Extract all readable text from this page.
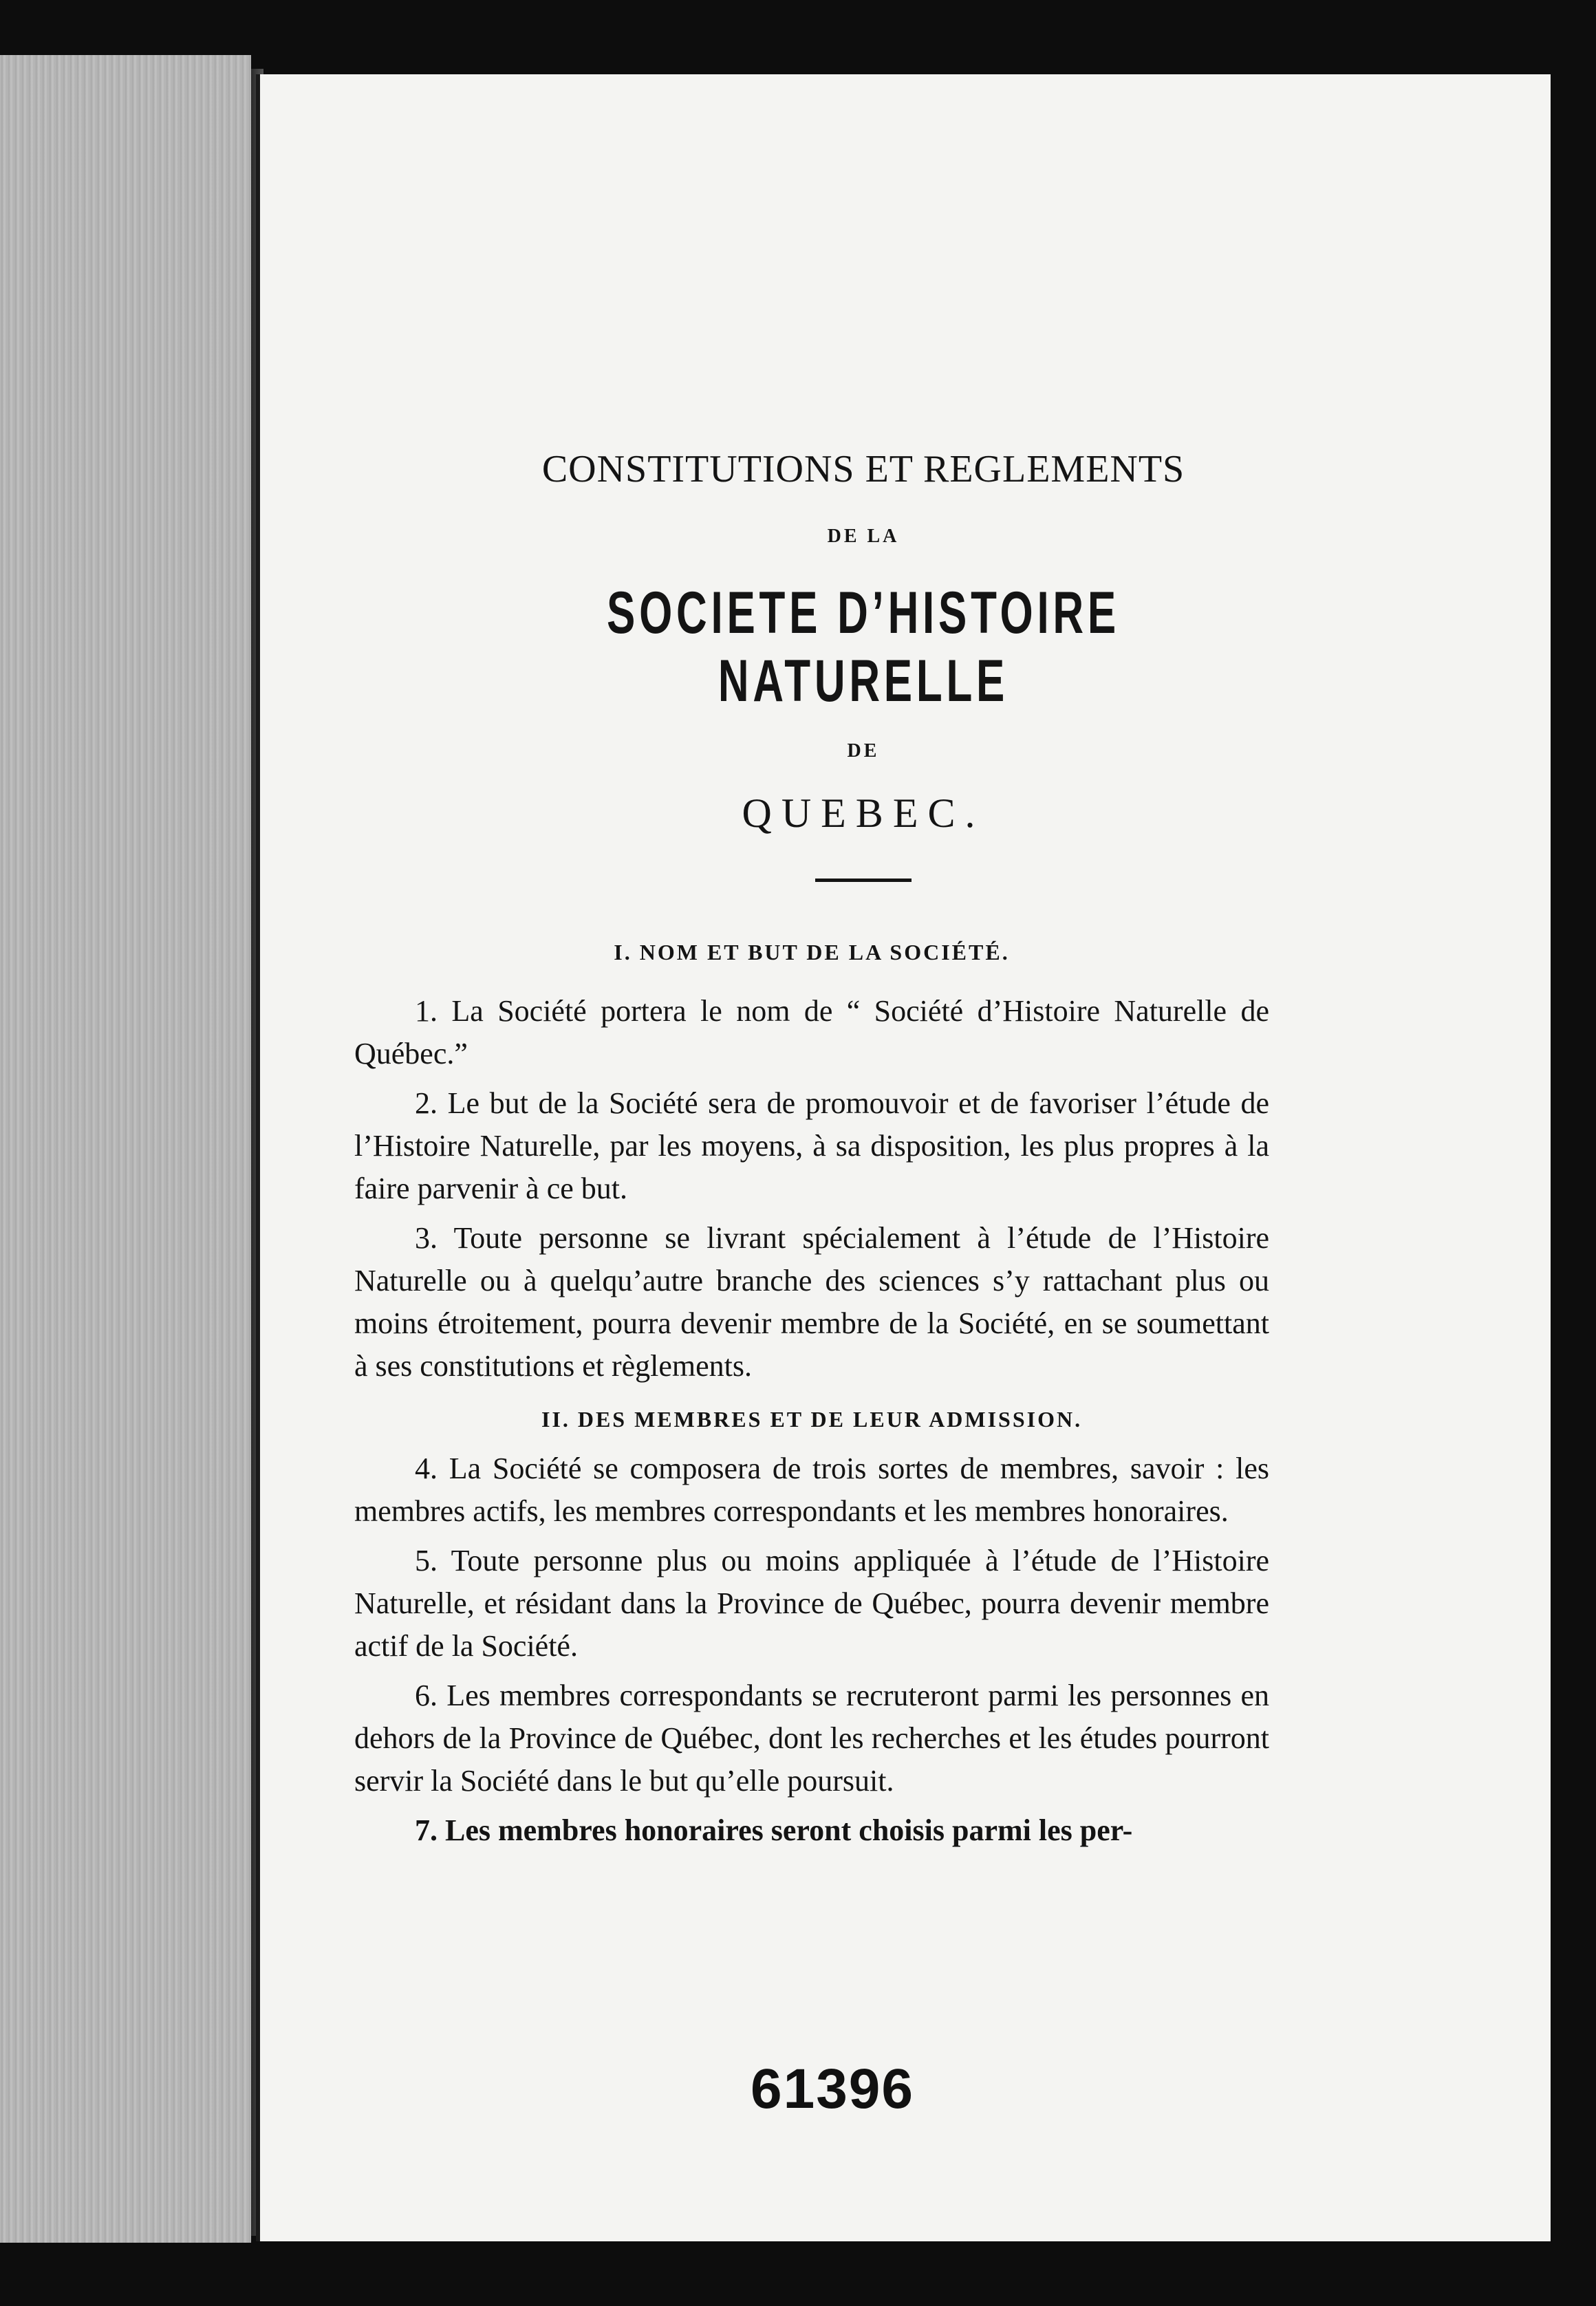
CONSTITUTIONS ET REGLEMENTS

DE LA

SOCIETE D’HISTOIRE NATURELLE

DE

QUEBEC.

I. NOM ET BUT DE LA SOCIÉTÉ.

1. La Société portera le nom de “ Société d’Histoire Naturelle de Québec.”

2. Le but de la Société sera de promouvoir et de favoriser l’étude de l’Histoire Naturelle, par les moyens, à sa disposition, les plus propres à la faire parvenir à ce but.

3. Toute personne se livrant spécialement à l’étude de l’Histoire Naturelle ou à quelqu’autre branche des sciences s’y rattachant plus ou moins étroitement, pourra devenir membre de la Société, en se soumettant à ses constitutions et règlements.

II. DES MEMBRES ET DE LEUR ADMISSION.

4. La Société se composera de trois sortes de membres, savoir : les membres actifs, les membres correspondants et les membres honoraires.

5. Toute personne plus ou moins appliquée à l’étude de l’Histoire Naturelle, et résidant dans la Province de Québec, pourra devenir membre actif de la Société.

6. Les membres correspondants se recruteront parmi les personnes en dehors de la Province de Québec, dont les recherches et les études pourront servir la Société dans le but qu’elle poursuit.

7. Les membres honoraires seront choisis parmi les per-

61396
